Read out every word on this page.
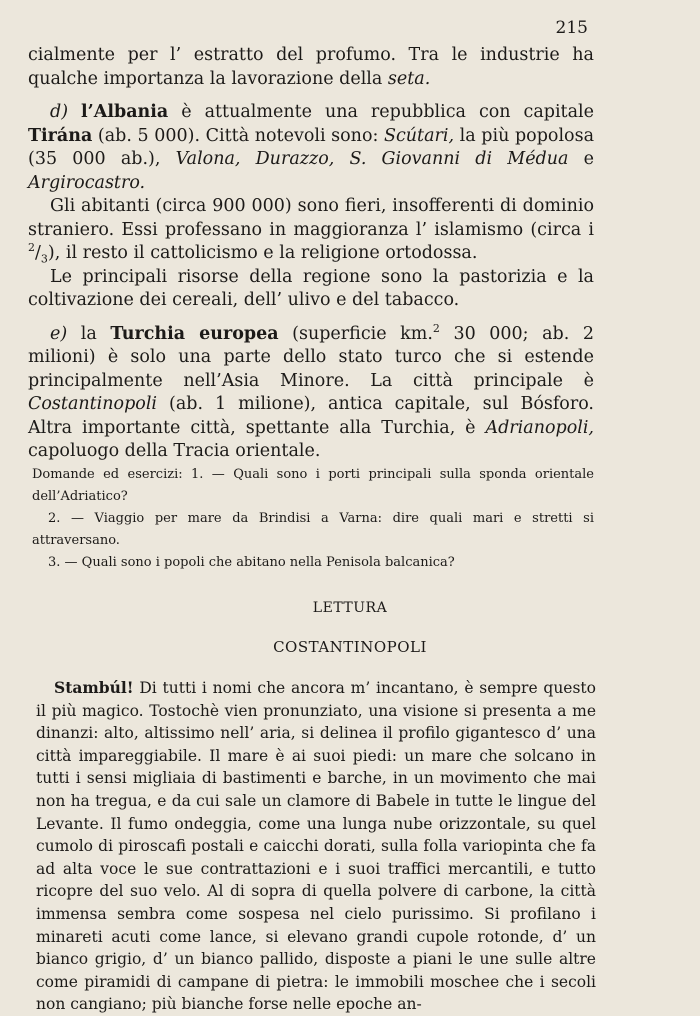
215

cialmente per l’ estratto del profumo. Tra le industrie ha qualche importanza la lavorazione della seta.

d) l’Albania è attualmente una repubblica con capitale Tirána (ab. 5 000). Città notevoli sono: Scútari, la più popolosa (35 000 ab.), Valona, Durazzo, S. Giovanni di Médua e Argirocastro.

Gli abitanti (circa 900 000) sono fieri, insofferenti di dominio straniero. Essi professano in maggioranza l’ islamismo (circa i $^2/_3$), il resto il cattolicismo e la religione ortodossa.

Le principali risorse della regione sono la pastorizia e la coltivazione dei cereali, dell’ ulivo e del tabacco.

e) la Turchia europea (superficie km.$^2$ 30 000; ab. 2 milioni) è solo una parte dello stato turco che si estende principalmente nell’Asia Minore. La città principale è Costantinopoli (ab. 1 milione), antica capitale, sul Bósforo. Altra importante città, spettante alla Turchia, è Adrianopoli, capoluogo della Tracia orientale.

Domande ed esercizi: 1. — Quali sono i porti principali sulla sponda orientale dell’Adriatico?

2. — Viaggio per mare da Brindisi a Varna: dire quali mari e stretti si attraversano.

3. — Quali sono i popoli che abitano nella Penisola balcanica?

LETTURA
COSTANTINOPOLI

Stambúl! Di tutti i nomi che ancora m’ incantano, è sempre questo il più magico. Tostochè vien pronunziato, una visione si presenta a me dinanzi: alto, altissimo nell’ aria, si delinea il profilo gigantesco d’ una città impareggiabile. Il mare è ai suoi piedi: un mare che solcano in tutti i sensi migliaia di bastimenti e barche, in un movimento che mai non ha tregua, e da cui sale un clamore di Babele in tutte le lingue del Levante. Il fumo ondeggia, come una lunga nube orizzontale, su quel cumolo di piroscafi postali e caicchi dorati, sulla folla variopinta che fa ad alta voce le sue contrattazioni e i suoi traffici mercantili, e tutto ricopre del suo velo. Al di sopra di quella polvere di carbone, la città immensa sembra come sospesa nel cielo purissimo. Si profilano i minareti acuti come lance, si elevano grandi cupole rotonde, d’ un bianco grigio, d’ un bianco pallido, disposte a piani le une sulle altre come piramidi di campane di pietra: le immobili moschee che i secoli non cangiano; più bianche forse nelle epoche an-
